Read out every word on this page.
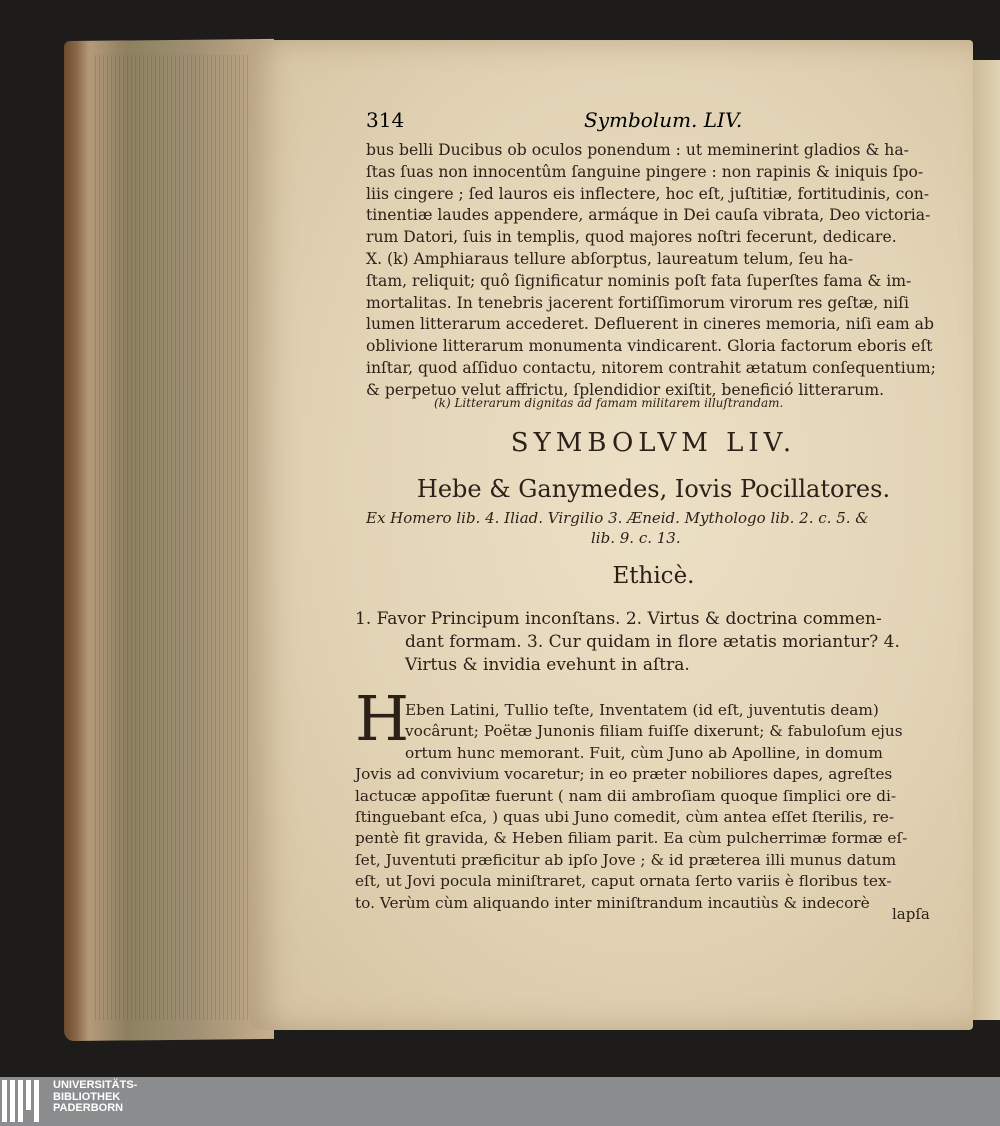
314	Symbolum. LIV.
bus belli Ducibus ob oculos ponendum : ut meminerint gladios & ha-
ſtas ſuas non innocentûm ſanguine pingere : non rapinis & iniquis ſpo-
liis cingere ; ſed lauros eis inflectere, hoc eſt, juſtitiæ, fortitudinis, con-
tinentiæ laudes appendere, armáque in Dei cauſa vibrata, Deo victoria-
rum Datori, ſuis in templis, quod majores noſtri fecerunt, dedicare.
X. (k) Amphiaraus tellure abſorptus, laureatum telum, ſeu ha-
ſtam, reliquit; quô ſignificatur nominis poſt fata ſuperſtes fama & im-
mortalitas. In tenebris jacerent fortiſſimorum virorum res geſtæ, niſi
lumen litterarum accederet. Defluerent in cineres memoria, niſi eam ab
oblivione litterarum monumenta vindicarent. Gloria factorum eboris eſt
inſtar, quod aſſiduo contactu, nitorem contrahit ætatum conſequentium;
& perpetuo velut affrictu, ſplendidior exiſtit, benefició litterarum.
(k) Litterarum dignitas ad famam militarem illuſtrandam.
SYMBOLVM LIV.
Hebe & Ganymedes, Iovis Pocillatores.
Ex Homero lib. 4. Iliad. Virgilio 3. Æneid. Mythologo lib. 2. c. 5. &
lib. 9. c. 13.
Ethicè.
1. Favor Principum inconſtans. 2. Virtus & doctrina commen-
dant formam. 3. Cur quidam in flore ætatis moriantur? 4.
Virtus & invidia evehunt in aſtra.
H
Eben Latini, Tullio teſte, Inventatem (id eſt, juventutis deam)
vocârunt; Poëtæ Junonis filiam fuiſſe dixerunt; & fabuloſum ejus
ortum hunc memorant. Fuit, cùm Juno ab Apolline, in domum
Jovis ad convivium vocaretur; in eo præter nobiliores dapes, agreſtes
lactucæ appoſitæ fuerunt ( nam dii ambroſiam quoque ſimplici ore di-
ſtinguebant eſca, ) quas ubi Juno comedit, cùm antea eſſet ſterilis, re-
pentè fit gravida, & Heben filiam parit. Ea cùm pulcherrimæ formæ eſ-
ſet, Juventuti præficitur ab ipſo Jove ; & id præterea illi munus datum
eſt, ut Jovi pocula miniſtraret, caput ornata ſerto variis è floribus tex-
to. Verùm cùm aliquando inter miniſtrandum incautiùs & indecorè
lapſa
UNIVERSITÄTS-
BIBLIOTHEK
PADERBORN
